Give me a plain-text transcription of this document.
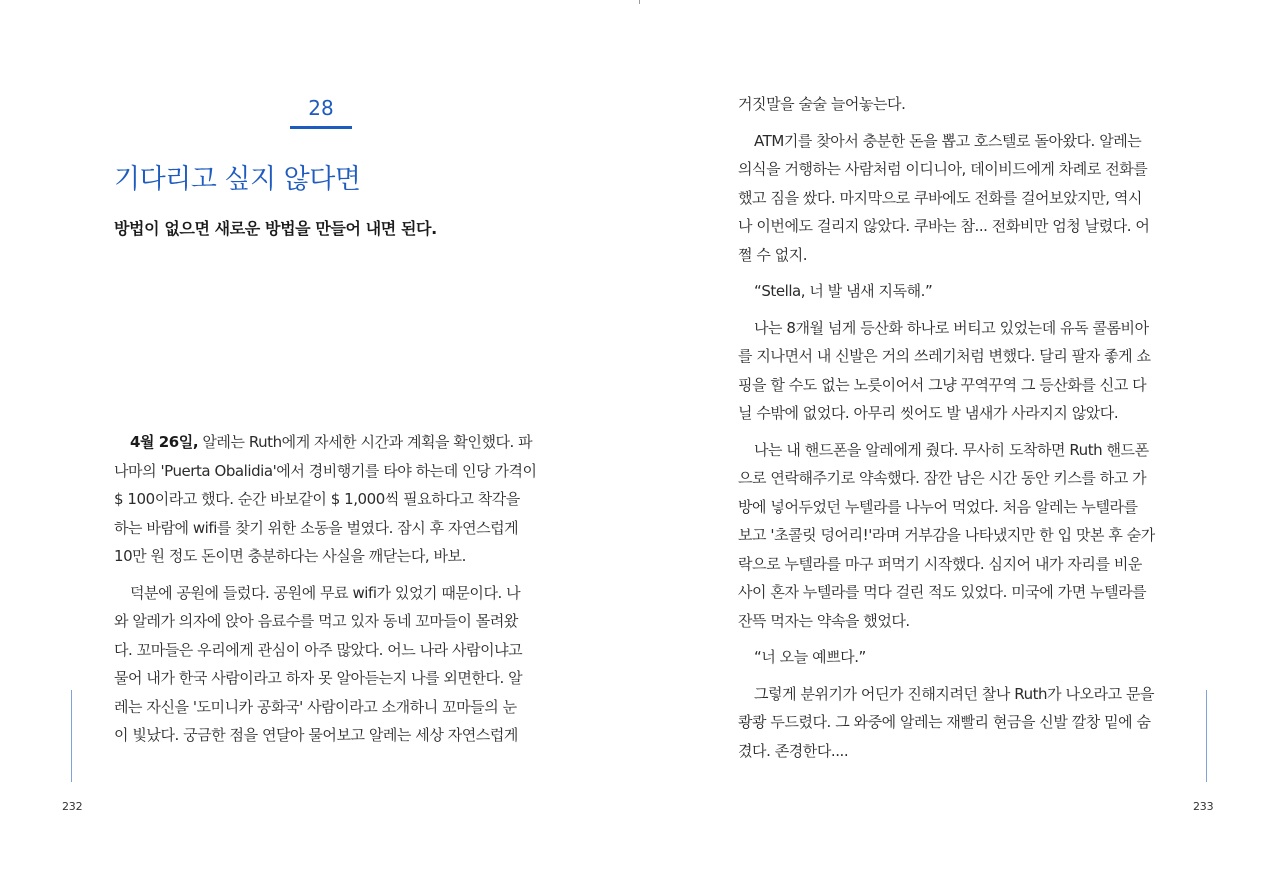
28
기다리고 싶지 않다면
방법이 없으면 새로운 방법을 만들어 내면 된다.
4월 26일, 알레는 Ruth에게 자세한 시간과 계획을 확인했다. 파
나마의 'Puerta Obalidia'에서 경비행기를 타야 하는데 인당 가격이
$ 100이라고 했다. 순간 바보같이 $ 1,000씩 필요하다고 착각을
하는 바람에 wifi를 찾기 위한 소동을 벌였다. 잠시 후 자연스럽게
10만 원 정도 돈이면 충분하다는 사실을 깨닫는다, 바보.
덕분에 공원에 들렀다. 공원에 무료 wifi가 있었기 때문이다. 나
와 알레가 의자에 앉아 음료수를 먹고 있자 동네 꼬마들이 몰려왔
다. 꼬마들은 우리에게 관심이 아주 많았다. 어느 나라 사람이냐고
물어 내가 한국 사람이라고 하자 못 알아듣는지 나를 외면한다. 알
레는 자신을 '도미니카 공화국' 사람이라고 소개하니 꼬마들의 눈
이 빛났다. 궁금한 점을 연달아 물어보고 알레는 세상 자연스럽게
232
거짓말을 술술 늘어놓는다.
ATM기를 찾아서 충분한 돈을 뽑고 호스텔로 돌아왔다. 알레는
의식을 거행하는 사람처럼 이디니아, 데이비드에게 차례로 전화를
했고 짐을 쌌다. 마지막으로 쿠바에도 전화를 걸어보았지만, 역시
나 이번에도 걸리지 않았다. 쿠바는 참... 전화비만 엄청 날렸다. 어
쩔 수 없지.
“Stella, 너 발 냄새 지독해.”
나는 8개월 넘게 등산화 하나로 버티고 있었는데 유독 콜롬비아
를 지나면서 내 신발은 거의 쓰레기처럼 변했다. 달리 팔자 좋게 쇼
핑을 할 수도 없는 노릇이어서 그냥 꾸역꾸역 그 등산화를 신고 다
닐 수밖에 없었다. 아무리 씻어도 발 냄새가 사라지지 않았다.
나는 내 핸드폰을 알레에게 줬다. 무사히 도착하면 Ruth 핸드폰
으로 연락해주기로 약속했다. 잠깐 남은 시간 동안 키스를 하고 가
방에 넣어두었던 누텔라를 나누어 먹었다. 처음 알레는 누텔라를
보고 '초콜릿 덩어리!'라며 거부감을 나타냈지만 한 입 맛본 후 숟가
락으로 누텔라를 마구 퍼먹기 시작했다. 심지어 내가 자리를 비운
사이 혼자 누텔라를 먹다 걸린 적도 있었다. 미국에 가면 누텔라를
잔뜩 먹자는 약속을 했었다.
“너 오늘 예쁘다.”
그렇게 분위기가 어딘가 진해지려던 찰나 Ruth가 나오라고 문을
쾅쾅 두드렸다. 그 와중에 알레는 재빨리 현금을 신발 깔창 밑에 숨
겼다. 존경한다....
233
